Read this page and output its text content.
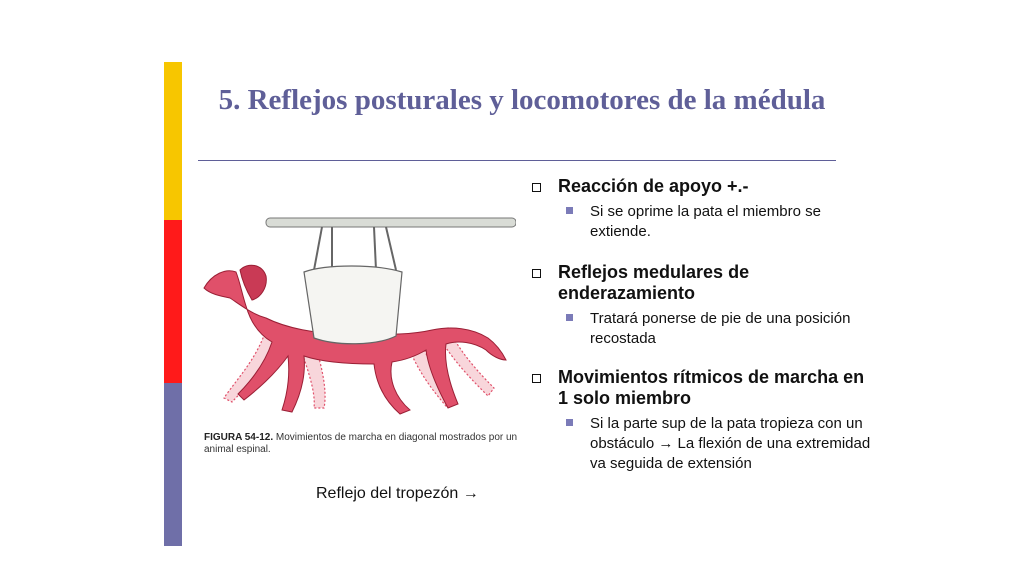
5. Reflejos posturales y locomotores de la médula
FIGURA 54-12. Movimientos de marcha en diagonal mostrados por un animal espinal.
Reflejo del tropezón →
Reacción de apoyo +.-
Si se oprime la pata el miembro se extiende.
Reflejos medulares de enderazamiento
Tratará ponerse de pie de una posición recostada
Movimientos rítmicos de marcha en 1 solo miembro
Si la parte sup de la pata tropieza con un obstáculo → La flexión de una extremidad va seguida de extensión
